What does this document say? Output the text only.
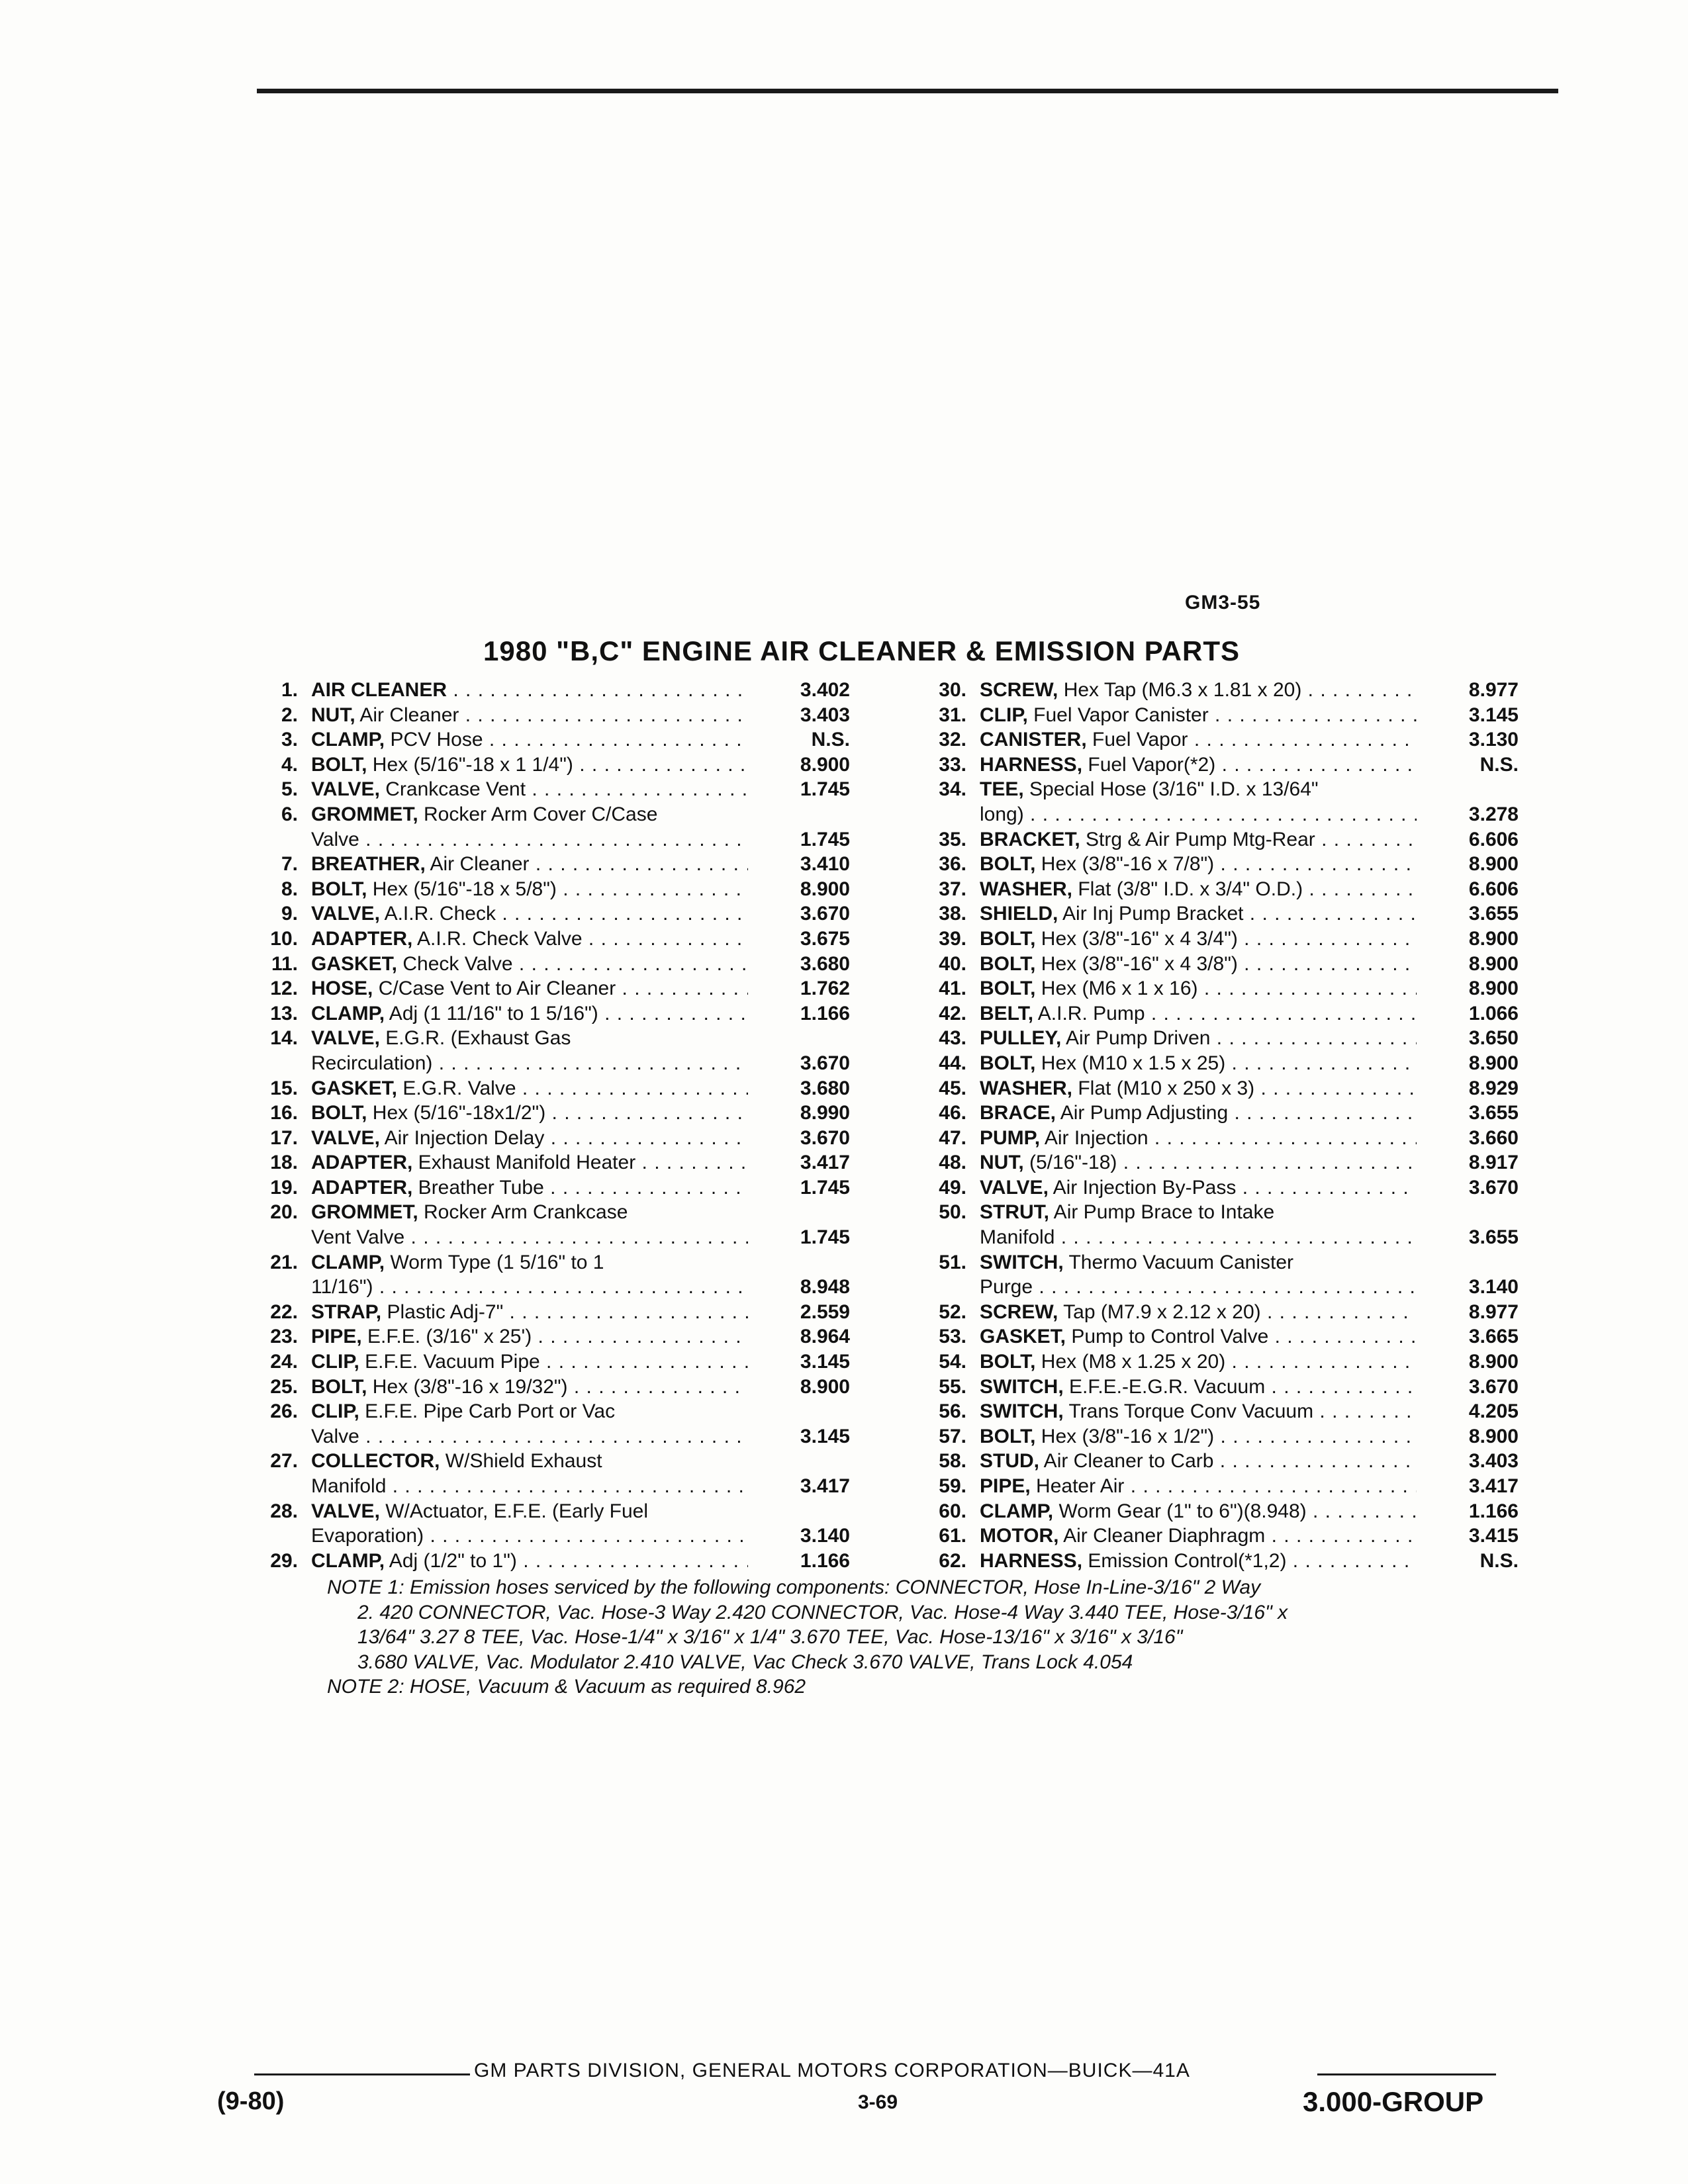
GM3-55
1980 "B,C" ENGINE AIR CLEANER & EMISSION PARTS
1. AIR CLEANER . . .	3.402
2. NUT, Air Cleaner . . .	3.403
3. CLAMP, PCV Hose . . .	N.S.
4. BOLT, Hex (5/16"-18 x 1 1/4") . . .	8.900
5. VALVE, Crankcase Vent . . .	1.745
6. GROMMET, Rocker Arm Cover C/Case
Valve . . .	1.745
7. BREATHER, Air Cleaner . . .	3.410
8. BOLT, Hex (5/16"-18 x 5/8") . . .	8.900
9. VALVE, A.I.R. Check . . .	3.670
10. ADAPTER, A.I.R. Check Valve . . .	3.675
11. GASKET, Check Valve . . .	3.680
12. HOSE, C/Case Vent to Air Cleaner . . .	1.762
13. CLAMP, Adj (1 11/16" to 1 5/16") . . .	1.166
14. VALVE, E.G.R. (Exhaust Gas
Recirculation) . . .	3.670
15. GASKET, E.G.R. Valve . . .	3.680
16. BOLT, Hex (5/16"-18x1/2") . . .	8.990
17. VALVE, Air Injection Delay . . .	3.670
18. ADAPTER, Exhaust Manifold Heater . . .	3.417
19. ADAPTER, Breather Tube . . .	1.745
20. GROMMET, Rocker Arm Crankcase
Vent Valve . . .	1.745
21. CLAMP, Worm Type (1 5/16" to 1
11/16") . . .	8.948
22. STRAP, Plastic Adj-7" . . .	2.559
23. PIPE, E.F.E. (3/16" x 25') . . .	8.964
24. CLIP, E.F.E. Vacuum Pipe . . .	3.145
25. BOLT, Hex (3/8"-16 x 19/32") . . .	8.900
26. CLIP, E.F.E. Pipe Carb Port or Vac
Valve . . .	3.145
27. COLLECTOR, W/Shield Exhaust
Manifold . . .	3.417
28. VALVE, W/Actuator, E.F.E. (Early Fuel
Evaporation) . . .	3.140
29. CLAMP, Adj (1/2" to 1") . . .	1.166
30. SCREW, Hex Tap (M6.3 x 1.81 x 20) . . .	8.977
31. CLIP, Fuel Vapor Canister . . .	3.145
32. CANISTER, Fuel Vapor . . .	3.130
33. HARNESS, Fuel Vapor(*2) . . .	N.S.
34. TEE, Special Hose (3/16" I.D. x 13/64"
long) . . .	3.278
35. BRACKET, Strg & Air Pump Mtg-Rear . . .	6.606
36. BOLT, Hex (3/8"-16 x 7/8") . . .	8.900
37. WASHER, Flat (3/8" I.D. x 3/4" O.D.) . . .	6.606
38. SHIELD, Air Inj Pump Bracket . . .	3.655
39. BOLT, Hex (3/8"-16" x 4 3/4") . . .	8.900
40. BOLT, Hex (3/8"-16" x 4 3/8") . . .	8.900
41. BOLT, Hex (M6 x 1 x 16) . . .	8.900
42. BELT, A.I.R. Pump . . .	1.066
43. PULLEY, Air Pump Driven . . .	3.650
44. BOLT, Hex (M10 x 1.5 x 25) . . .	8.900
45. WASHER, Flat (M10 x 250 x 3) . . .	8.929
46. BRACE, Air Pump Adjusting . . .	3.655
47. PUMP, Air Injection . . .	3.660
48. NUT, (5/16"-18) . . .	8.917
49. VALVE, Air Injection By-Pass . . .	3.670
50. STRUT, Air Pump Brace to Intake
Manifold . . .	3.655
51. SWITCH, Thermo Vacuum Canister
Purge . . .	3.140
52. SCREW, Tap (M7.9 x 2.12 x 20) . . .	8.977
53. GASKET, Pump to Control Valve . . .	3.665
54. BOLT, Hex (M8 x 1.25 x 20) . . .	8.900
55. SWITCH, E.F.E.-E.G.R. Vacuum . . .	3.670
56. SWITCH, Trans Torque Conv Vacuum . . .	4.205
57. BOLT, Hex (3/8"-16 x 1/2") . . .	8.900
58. STUD, Air Cleaner to Carb . . .	3.403
59. PIPE, Heater Air . . .	3.417
60. CLAMP, Worm Gear (1" to 6")(8.948) . . .	1.166
61. MOTOR, Air Cleaner Diaphragm . . .	3.415
62. HARNESS, Emission Control(*1,2) . . .	N.S.
NOTE 1: Emission hoses serviced by the following components: CONNECTOR, Hose In-Line-3/16" 2 Way
2. 420 CONNECTOR, Vac. Hose-3 Way 2.420 CONNECTOR, Vac. Hose-4 Way 3.440 TEE, Hose-3/16" x
13/64" 3.27 8 TEE, Vac. Hose-1/4" x 3/16" x 1/4" 3.670 TEE, Vac. Hose-13/16" x 3/16" x 3/16"
3.680 VALVE, Vac. Modulator 2.410 VALVE, Vac Check 3.670 VALVE, Trans Lock 4.054
NOTE 2: HOSE, Vacuum & Vacuum as required 8.962
GM PARTS DIVISION, GENERAL MOTORS CORPORATION—BUICK—41A
(9-80)	3-69	3.000-GROUP
